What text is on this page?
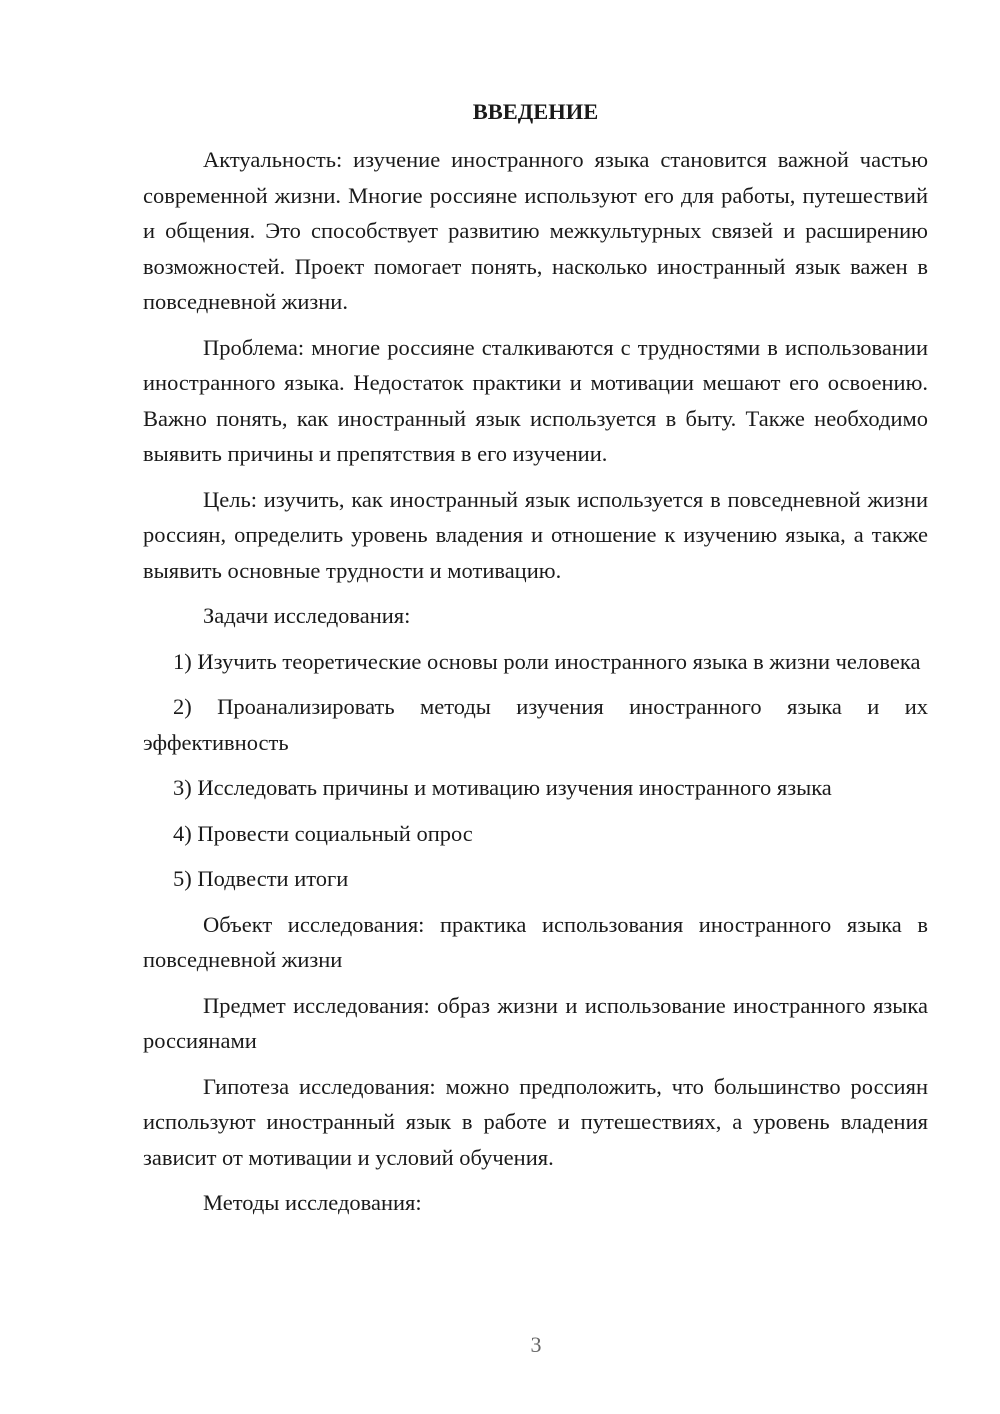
ВВЕДЕНИЕ

Актуальность: изучение иностранного языка становится важной частью современной жизни. Многие россияне используют его для работы, путешествий и общения. Это способствует развитию межкультурных связей и расширению возможностей. Проект помогает понять, насколько иностранный язык важен в повседневной жизни.

Проблема: многие россияне сталкиваются с трудностями в использовании иностранного языка. Недостаток практики и мотивации мешают его освоению. Важно понять, как иностранный язык используется в быту. Также необходимо выявить причины и препятствия в его изучении.

Цель: изучить, как иностранный язык используется в повседневной жизни россиян, определить уровень владения и отношение к изучению языка, а также выявить основные трудности и мотивацию.

Задачи исследования:

1) Изучить теоретические основы роли иностранного языка в жизни человека

2) Проанализировать методы изучения иностранного языка и их эффективность

3) Исследовать причины и мотивацию изучения иностранного языка

4) Провести социальный опрос

5) Подвести итоги

Объект исследования: практика использования иностранного языка в повседневной жизни

Предмет исследования: образ жизни и использование иностранного языка россиянами

Гипотеза исследования: можно предположить, что большинство россиян используют иностранный язык в работе и путешествиях, а уровень владения зависит от мотивации и условий обучения.

Методы исследования:

3
